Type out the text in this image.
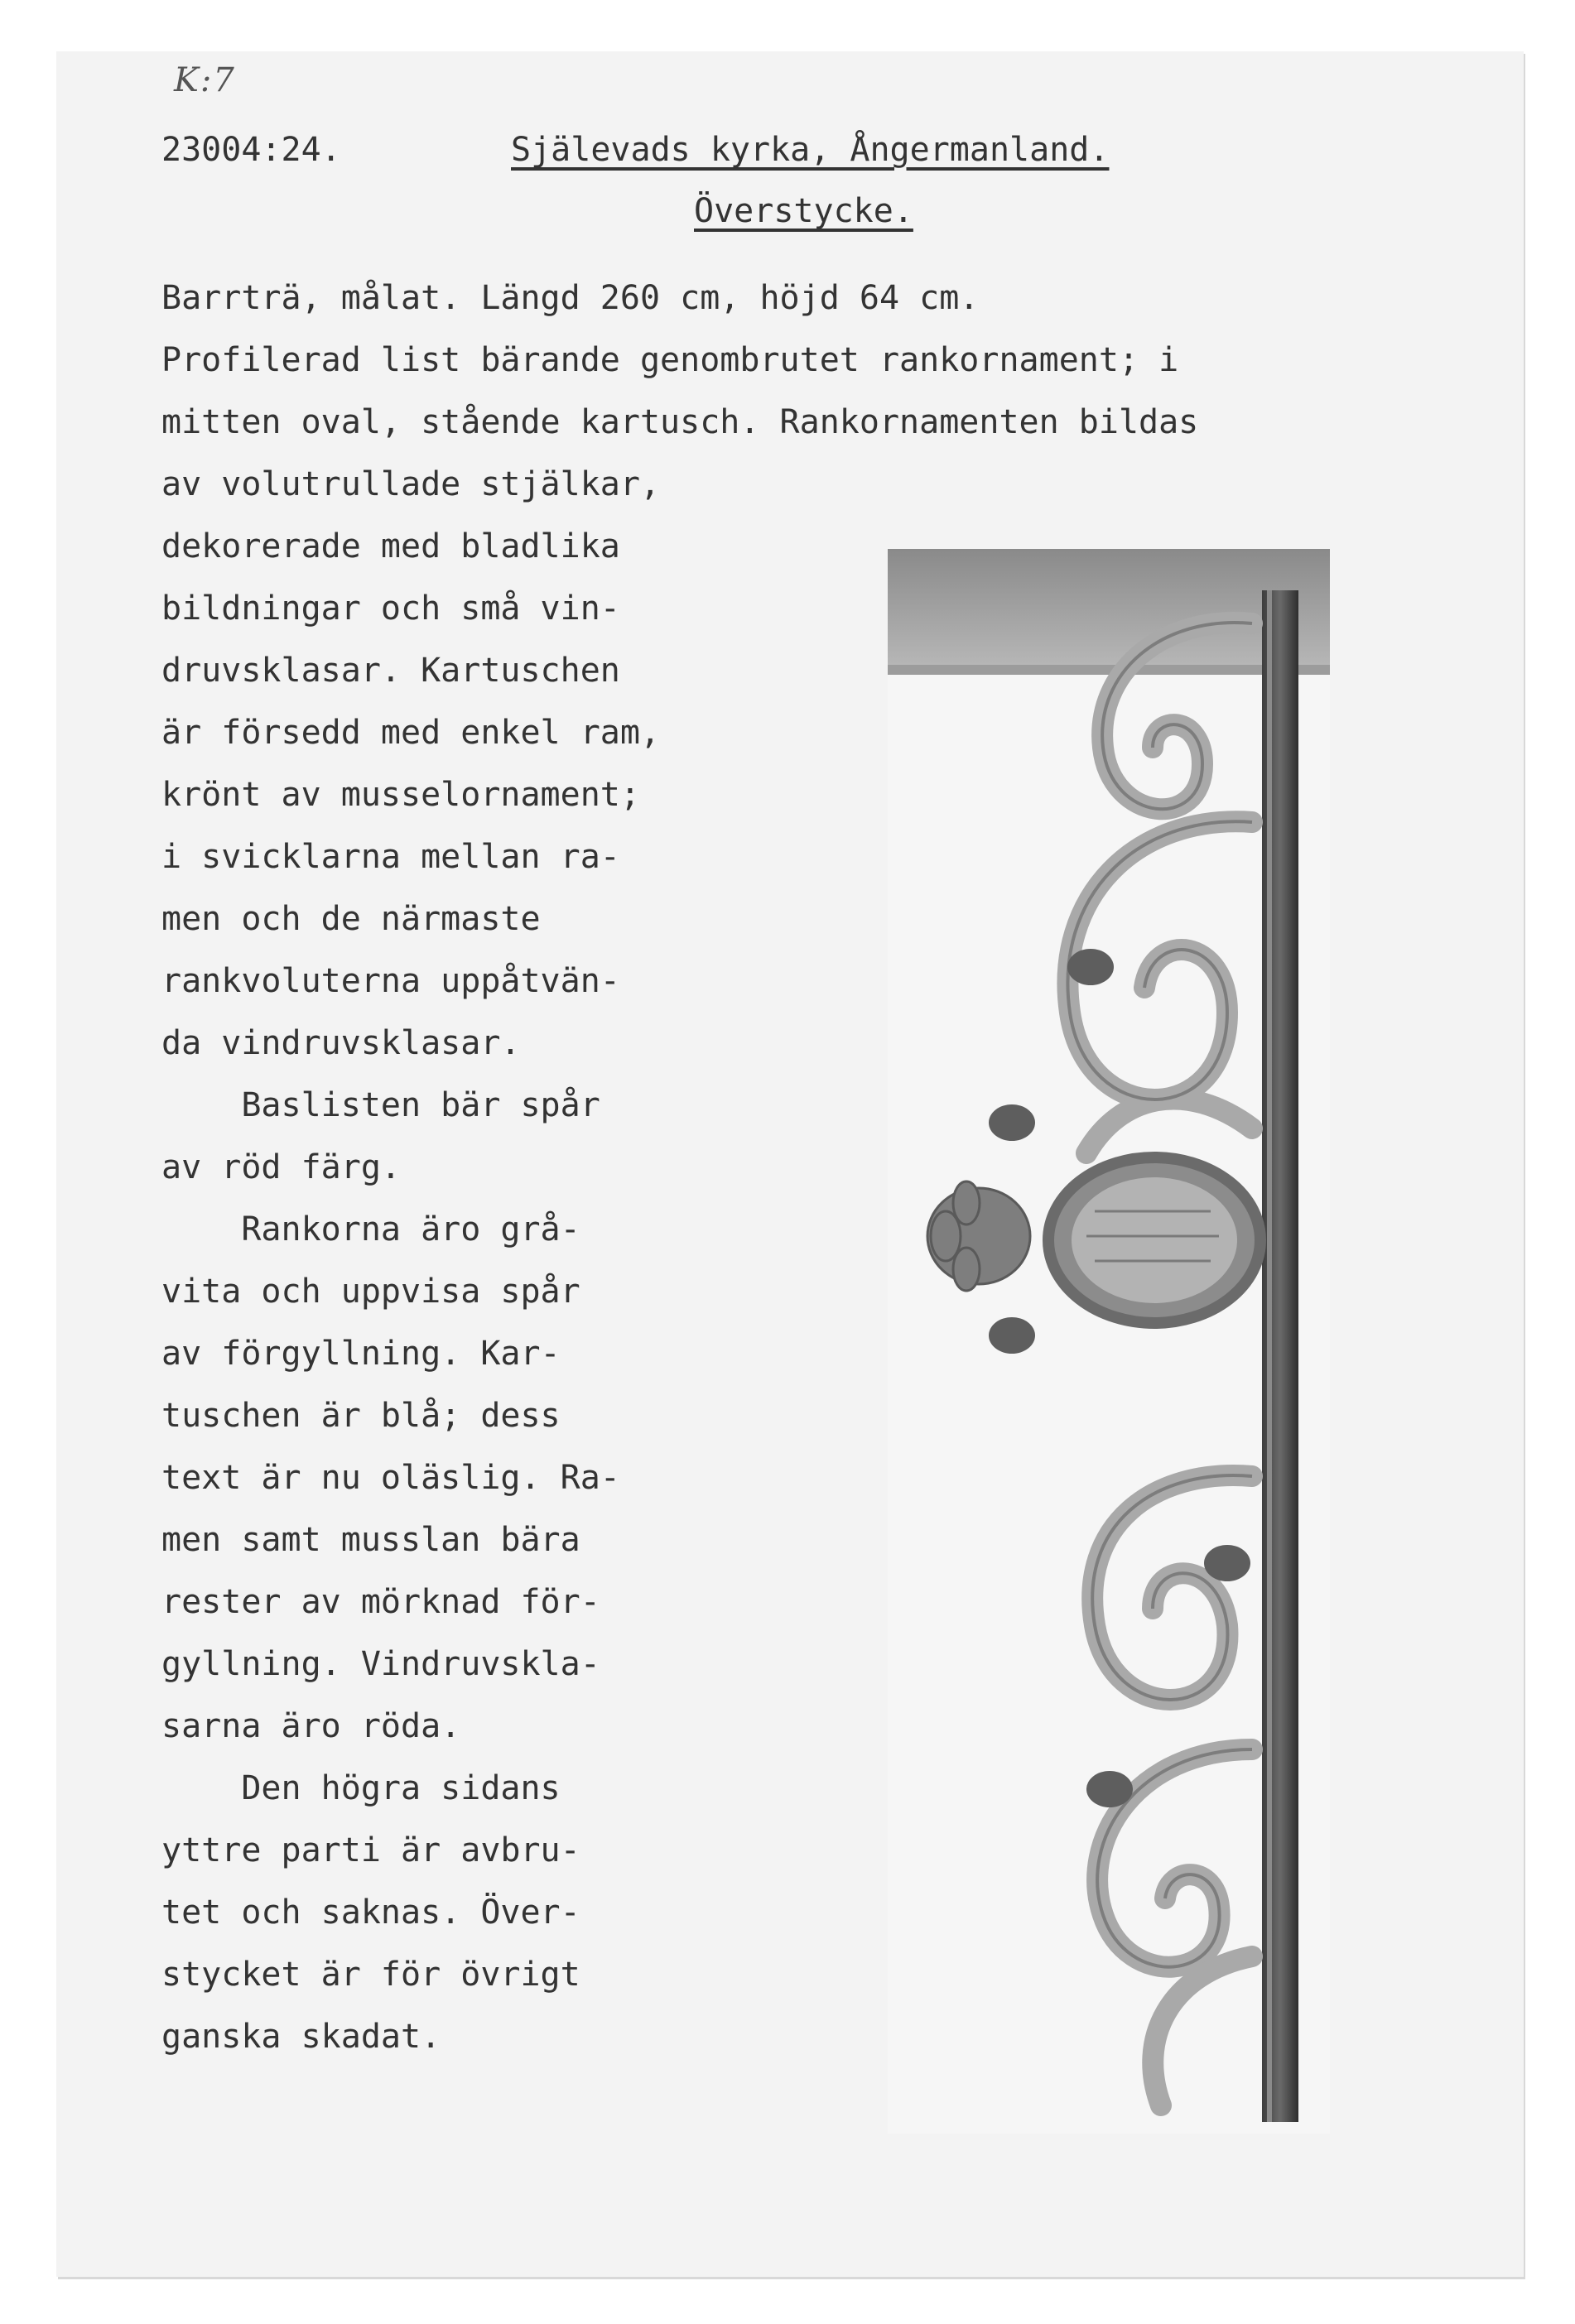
K:7
23004:24.	Själevads kyrka, Ångermanland.
Överstycke.
Barrträ, målat. Längd 260 cm, höjd 64 cm.
Profilerad list bärande genombrutet rankornament; i
mitten oval, stående kartusch. Rankornamenten bildas
av volutrullade stjälkar,
dekorerade med bladlika
bildningar och små vin-
druvsklasar. Kartuschen
är försedd med enkel ram,
krönt av musselornament;
i svicklarna mellan ra-
men och de närmaste
rankvoluterna uppåtvän-
da vindruvsklasar.
Baslisten bär spår
av röd färg.
Rankorna äro grå-
vita och uppvisa spår
av förgyllning. Kar-
tuschen är blå; dess
text är nu oläslig. Ra-
men samt musslan bära
rester av mörknad för-
gyllning. Vindruvskla-
sarna äro röda.
Den högra sidans
yttre parti är avbru-
tet och saknas. Över-
stycket är för övrigt
ganska skadat.
